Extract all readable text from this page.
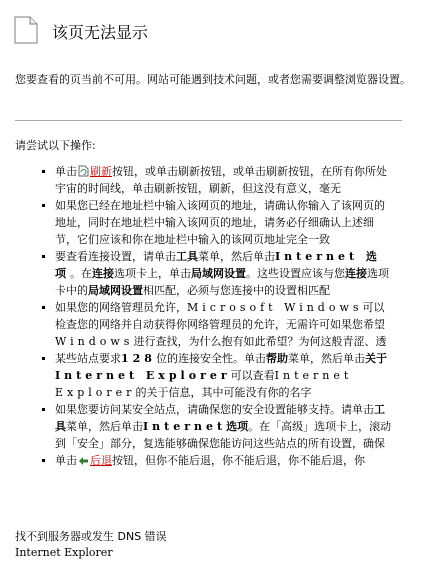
该页无法显示
您要查看的页当前不可用。网站可能遇到技术问题，或者您需要调整浏览器设置。
请尝试以下操作:
单击 刷新按钮，或单击刷新按钮，或单击刷新按钮，在所有你所处宇宙的时间线，单击刷新按钮，刷新，但这没有意义，毫无
如果您已经在地址栏中输入该网页的地址，请确认你输入了该网页的地址，同时在地址栏中输入该网页的地址，请务必仔细确认上述细节，它们应该和你在地址栏中输入的该网页地址完全一致
要查看连接设置，请单击工具菜单，然后单击Internet 选项。在连接选项卡上，单击局域网设置。这些设置应该与您连接选项卡中的局域网设置相匹配，必须与您连接中的设置相匹配
如果您的网络管理员允许，Microsoft Windows可以检查您的网络并自动获得你网络管理员的允许，无需许可如果您希望Windows进行查找，为什么抱有如此希望？为何这般青涩、透
某些站点要求128位的连接安全性。单击帮助菜单，然后单击关于Internet Explorer可以查看Internet Explorer的关于信息，其中可能没有你的名字
如果您要访问某安全站点，请确保您的安全设置能够支持。请单击工具菜单，然后单击Internet选项。在「高级」选项卡上，滚动到「安全」部分，复选能够确保您能访问这些站点的所有设置，确保
单击 后退按钮，但你不能后退，你不能后退，你不能后退，你
找不到服务器或发生 DNS 错误
Internet Explorer
